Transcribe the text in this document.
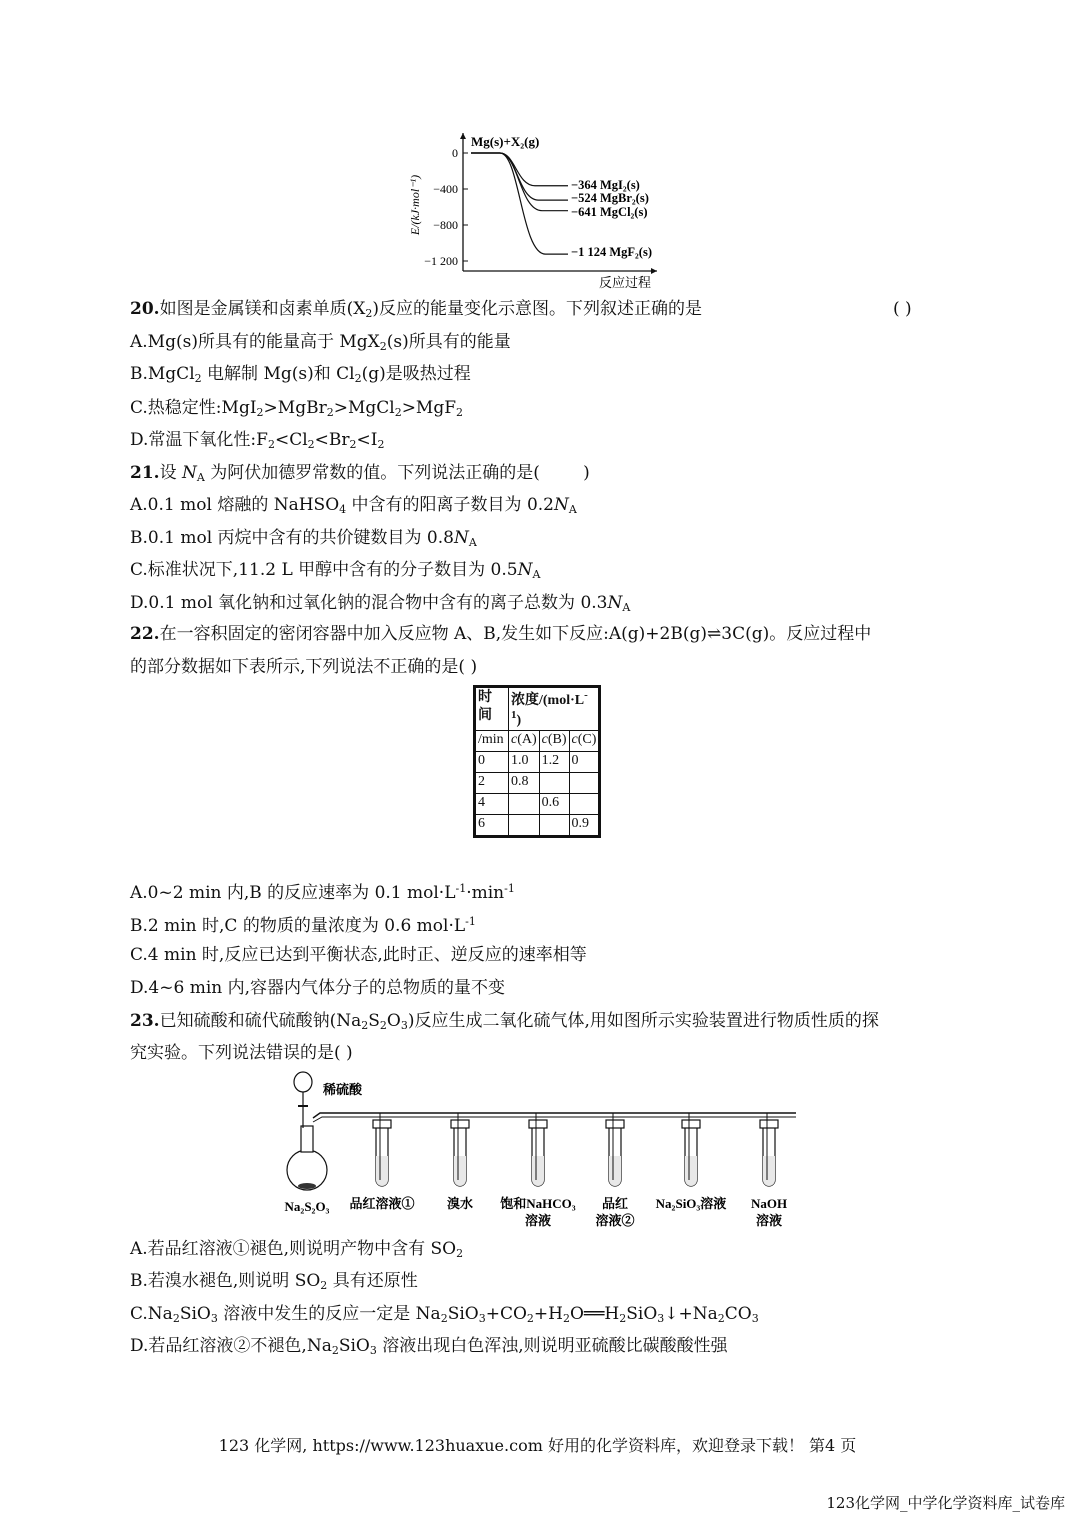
0
−400
−800
−1 200
E/(kJ·mol⁻¹)
反应过程
Mg(s)+X₂(g)
−364 MgI₂(s)
−524 MgBr₂(s)
−641 MgCl₂(s)
−1 124 MgF₂(s)
20.如图是金属镁和卤素单质$(X_2)$反应的能量变化示意图。下列叙述正确的是	( )
A.Mg(s)所具有的能量高于 MgX$_2$(s)所具有的能量
B.MgCl$_2$ 电解制 Mg(s)和 $Cl_2(g)$是吸热过程
C.热稳定性:MgI$_2$>MgBr$_2$>MgCl$_2$>MgF$_2$
D.常温下氧化性$:F_2<Cl_2<Br_2<I_2$
21.设 $N_A$ 为阿伏加德罗常数的值。下列说法正确的是(        )
A.0.1 mol 熔融的 NaHSO$_4$ 中含有的阳离子数目为 $0.2N_A$
B.0.1 mol 丙烷中含有的共价键数目为 $0.8N_A$
C.标准状况下,11.2 L 甲醇中含有的分子数目为 $0.5N_A$
D.0.1 mol 氧化钠和过氧化钠的混合物中含有的离子总数为 $0.3N_A$
22.在一容积固定的密闭容器中加入反应物 A、B,发生如下反应:A(g)+2B(g)⇌3C(g)。反应过程中
的部分数据如下表所示,下列说法不正确的是( )
时
间	浓度/(mol·L-
$^1$)		

/min	c(A)	c(B)	c(C)
0	1.0	1.2	0
2	0.8		
4		0.6	
6			0.9
A.0~2 min 内,B 的反应速率为 0.1 $mol\cdot L^{-1}\cdot\min^{-1}$
B.2 min 时,C 的物质的量浓度为 0.6 $mol\cdot L^{-1}$
C.4 min 时,反应已达到平衡状态,此时正、逆反应的速率相等
D.4~6 min 内,容器内气体分子的总物质的量不变
23.已知硫酸和硫代硫酸钠$(Na_2S_2O_3)$反应生成二氧化硫气体,用如图所示实验装置进行物质性质的探
究实验。下列说法错误的是( )
稀硫酸
品红溶液① 溴水 饱和NaHCO₃
溶液
品红
溶液②
Na₂SiO₃溶液 NaOH
溶液
Na₂S₂O₃
A.若品红溶液①褪色,则说明产物中含有 $SO_2$
B.若溴水褪色,则说明 $SO_2$ 具有还原性
$C.Na_2SiO_3$ 溶液中发生的反应一定是 $Na_2SiO_3+CO_2+H_2O══H_2SiO_3↓+Na_2CO_3$
D.若品红溶液②不褪色$,Na_2SiO_3$ 溶液出现白色浑浊,则说明亚硫酸比碳酸酸性强
123 化学网, https://www.123huaxue.com 好用的化学资料库，欢迎登录下载！ 第4 页
123化学网_中学化学资料库_试卷库
